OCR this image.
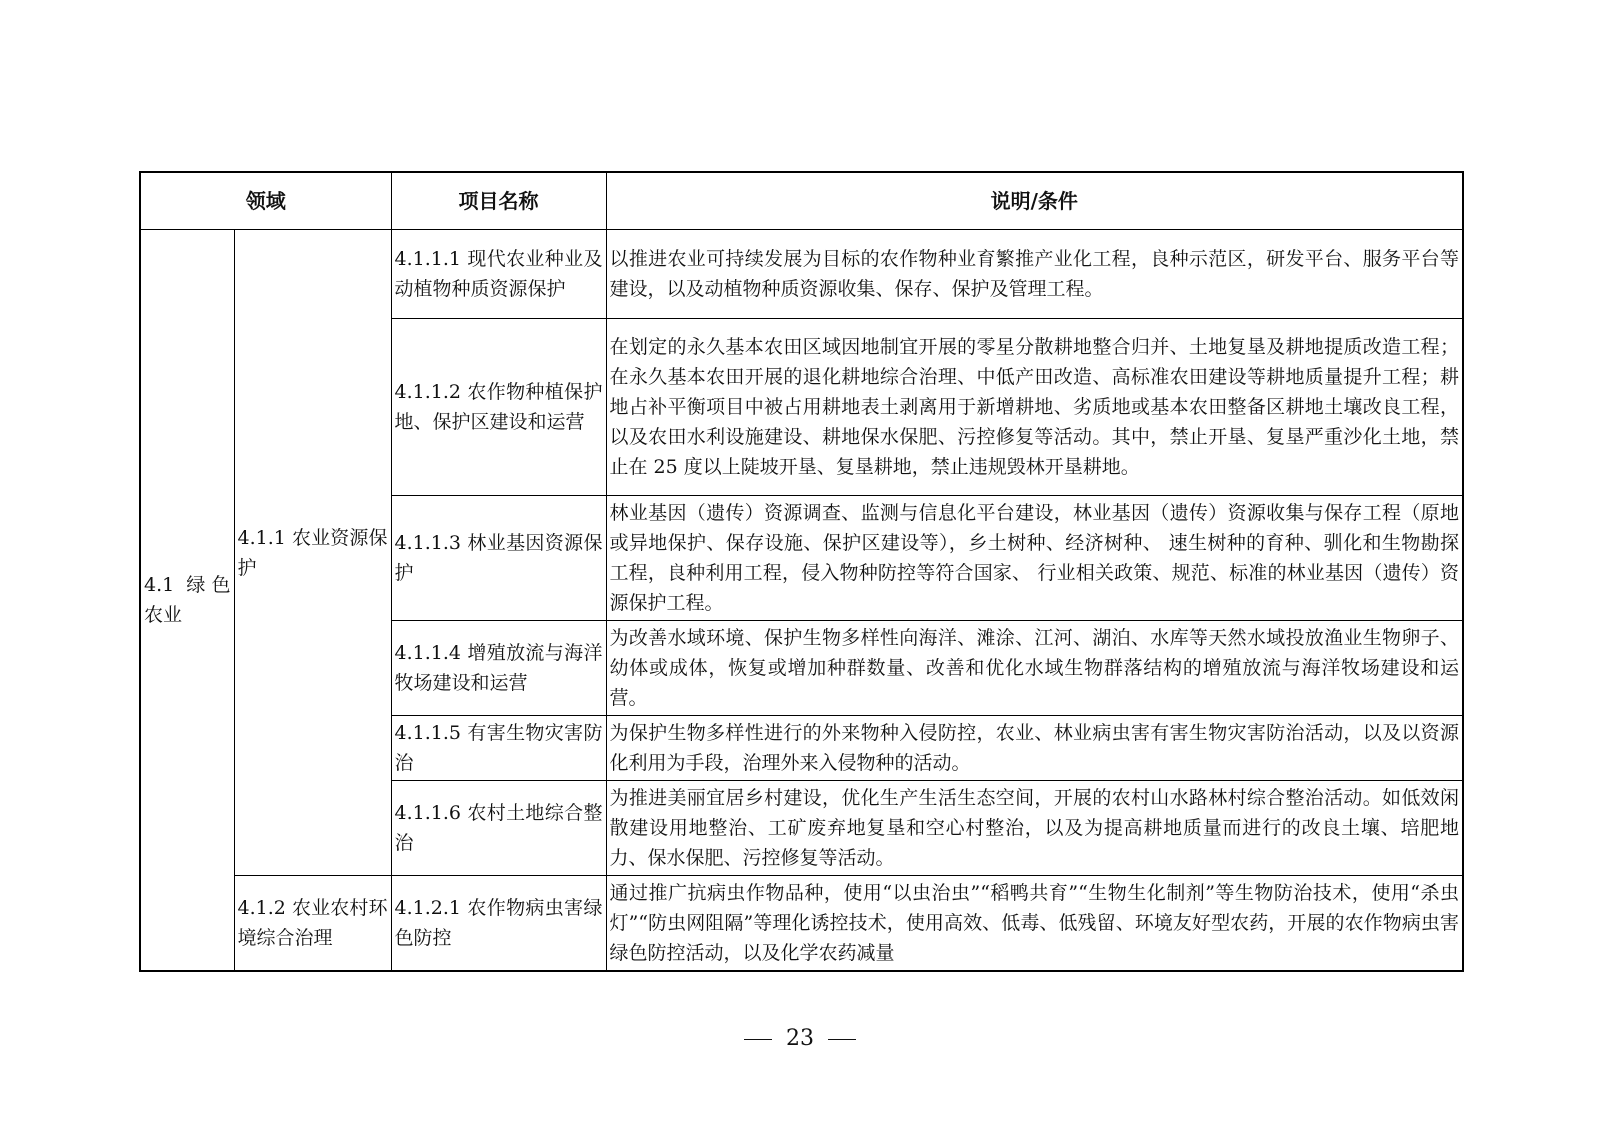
领域		项目名称	说明/条件
4.1 绿色农业	4.1.1 农业资源保护	4.1.1.1 现代农业种业及动植物种质资源保护	以推进农业可持续发展为目标的农作物种业育繁推产业化工程，良种示范区，研发平台、服务平台等建设，以及动植物种质资源收集、保存、保护及管理工程。
		4.1.1.2 农作物种植保护地、保护区建设和运营	在划定的永久基本农田区域因地制宜开展的零星分散耕地整合归并、土地复垦及耕地提质改造工程；在永久基本农田开展的退化耕地综合治理、中低产田改造、高标准农田建设等耕地质量提升工程；耕地占补平衡项目中被占用耕地表土剥离用于新增耕地、劣质地或基本农田整备区耕地土壤改良工程，以及农田水利设施建设、耕地保水保肥、污控修复等活动。其中，禁止开垦、复垦严重沙化土地，禁止在 25 度以上陡坡开垦、复垦耕地，禁止违规毁林开垦耕地。
		4.1.1.3 林业基因资源保护	林业基因（遗传）资源调查、监测与信息化平台建设，林业基因（遗传）资源收集与保存工程（原地或异地保护、保存设施、保护区建设等），乡土树种、经济树种、 速生树种的育种、驯化和生物勘探工程，良种利用工程，侵入物种防控等符合国家、 行业相关政策、规范、标准的林业基因（遗传）资源保护工程。
		4.1.1.4 增殖放流与海洋牧场建设和运营	为改善水域环境、保护生物多样性向海洋、滩涂、江河、湖泊、水库等天然水域投放渔业生物卵子、幼体或成体，恢复或增加种群数量、改善和优化水域生物群落结构的增殖放流与海洋牧场建设和运营。
		4.1.1.5 有害生物灾害防治	为保护生物多样性进行的外来物种入侵防控，农业、林业病虫害有害生物灾害防治活动，以及以资源化利用为手段，治理外来入侵物种的活动。
		4.1.1.6 农村土地综合整治	为推进美丽宜居乡村建设，优化生产生活生态空间，开展的农村山水路林村综合整治活动。如低效闲散建设用地整治、工矿废弃地复垦和空心村整治，以及为提高耕地质量而进行的改良土壤、培肥地力、保水保肥、污控修复等活动。
	4.1.2 农业农村环境综合治理	4.1.2.1 农作物病虫害绿色防控	通过推广抗病虫作物品种，使用“以虫治虫”“稻鸭共育”“生物生化制剂”等生物防治技术，使用“杀虫灯”“防虫网阻隔”等理化诱控技术，使用高效、低毒、低残留、环境友好型农药，开展的农作物病虫害绿色防控活动，以及化学农药减量
23
